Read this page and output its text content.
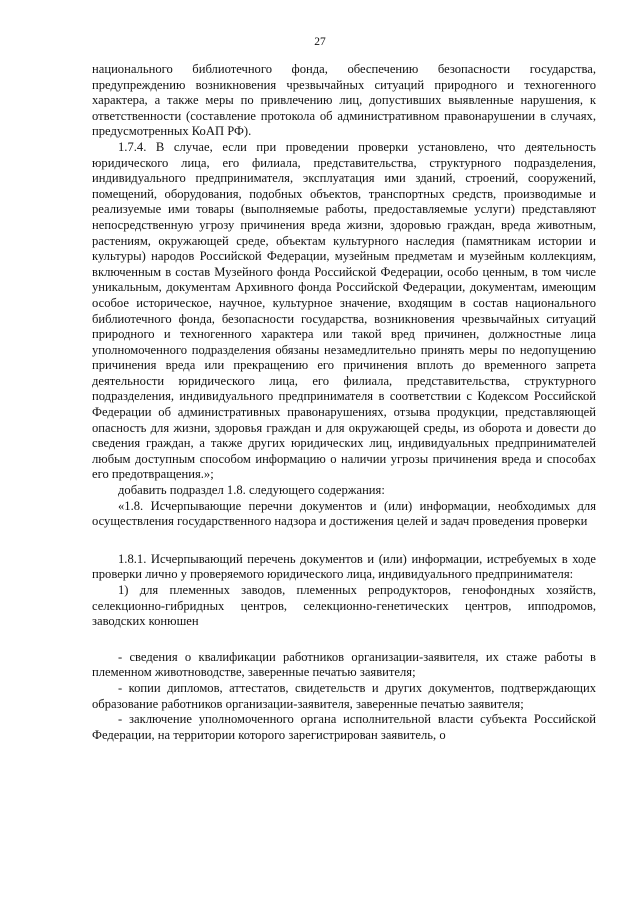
27

национального библиотечного фонда, обеспечению безопасности государства, предупреждению возникновения чрезвычайных ситуаций природного и техногенного характера, а также меры по привлечению лиц, допустивших выявленные нарушения, к ответственности (составление протокола об административном правонарушении в случаях, предусмотренных КоАП РФ).

1.7.4. В случае, если при проведении проверки установлено, что деятельность юридического лица, его филиала, представительства, структурного подразделения, индивидуального предпринимателя, эксплуатация ими зданий, строений, сооружений, помещений, оборудования, подобных объектов, транспортных средств, производимые и реализуемые ими товары (выполняемые работы, предоставляемые услуги) представляют непосредственную угрозу причинения вреда жизни, здоровью граждан, вреда животным, растениям, окружающей среде, объектам культурного наследия (памятникам истории и культуры) народов Российской Федерации, музейным предметам и музейным коллекциям, включенным в состав Музейного фонда Российской Федерации, особо ценным, в том числе уникальным, документам Архивного фонда Российской Федерации, документам, имеющим особое историческое, научное, культурное значение, входящим в состав национального библиотечного фонда, безопасности государства, возникновения чрезвычайных ситуаций природного и техногенного характера или такой вред причинен, должностные лица уполномоченного подразделения обязаны незамедлительно принять меры по недопущению причинения вреда или прекращению его причинения вплоть до временного запрета деятельности юридического лица, его филиала, представительства, структурного подразделения, индивидуального предпринимателя в соответствии с Кодексом Российской Федерации об административных правонарушениях, отзыва продукции, представляющей опасность для жизни, здоровья граждан и для окружающей среды, из оборота и довести до сведения граждан, а также других юридических лиц, индивидуальных предпринимателей любым доступным способом информацию о наличии угрозы причинения вреда и способах его предотвращения.»;

добавить подраздел 1.8. следующего содержания:

«1.8. Исчерпывающие перечни документов и (или) информации, необходимых для осуществления государственного надзора и достижения целей и задач проведения проверки

1.8.1. Исчерпывающий перечень документов и (или) информации, истребуемых в ходе проверки лично у проверяемого юридического лица, индивидуального предпринимателя:

1) для племенных заводов, племенных репродукторов, генофондных хозяйств, селекционно-гибридных центров, селекционно-генетических центров, ипподромов, заводских конюшен

- сведения о квалификации работников организации-заявителя, их стаже работы в племенном животноводстве, заверенные печатью заявителя;

- копии дипломов, аттестатов, свидетельств и других документов, подтверждающих образование работников организации-заявителя, заверенные печатью заявителя;

- заключение уполномоченного органа исполнительной власти субъекта Российской Федерации, на территории которого зарегистрирован заявитель, о
